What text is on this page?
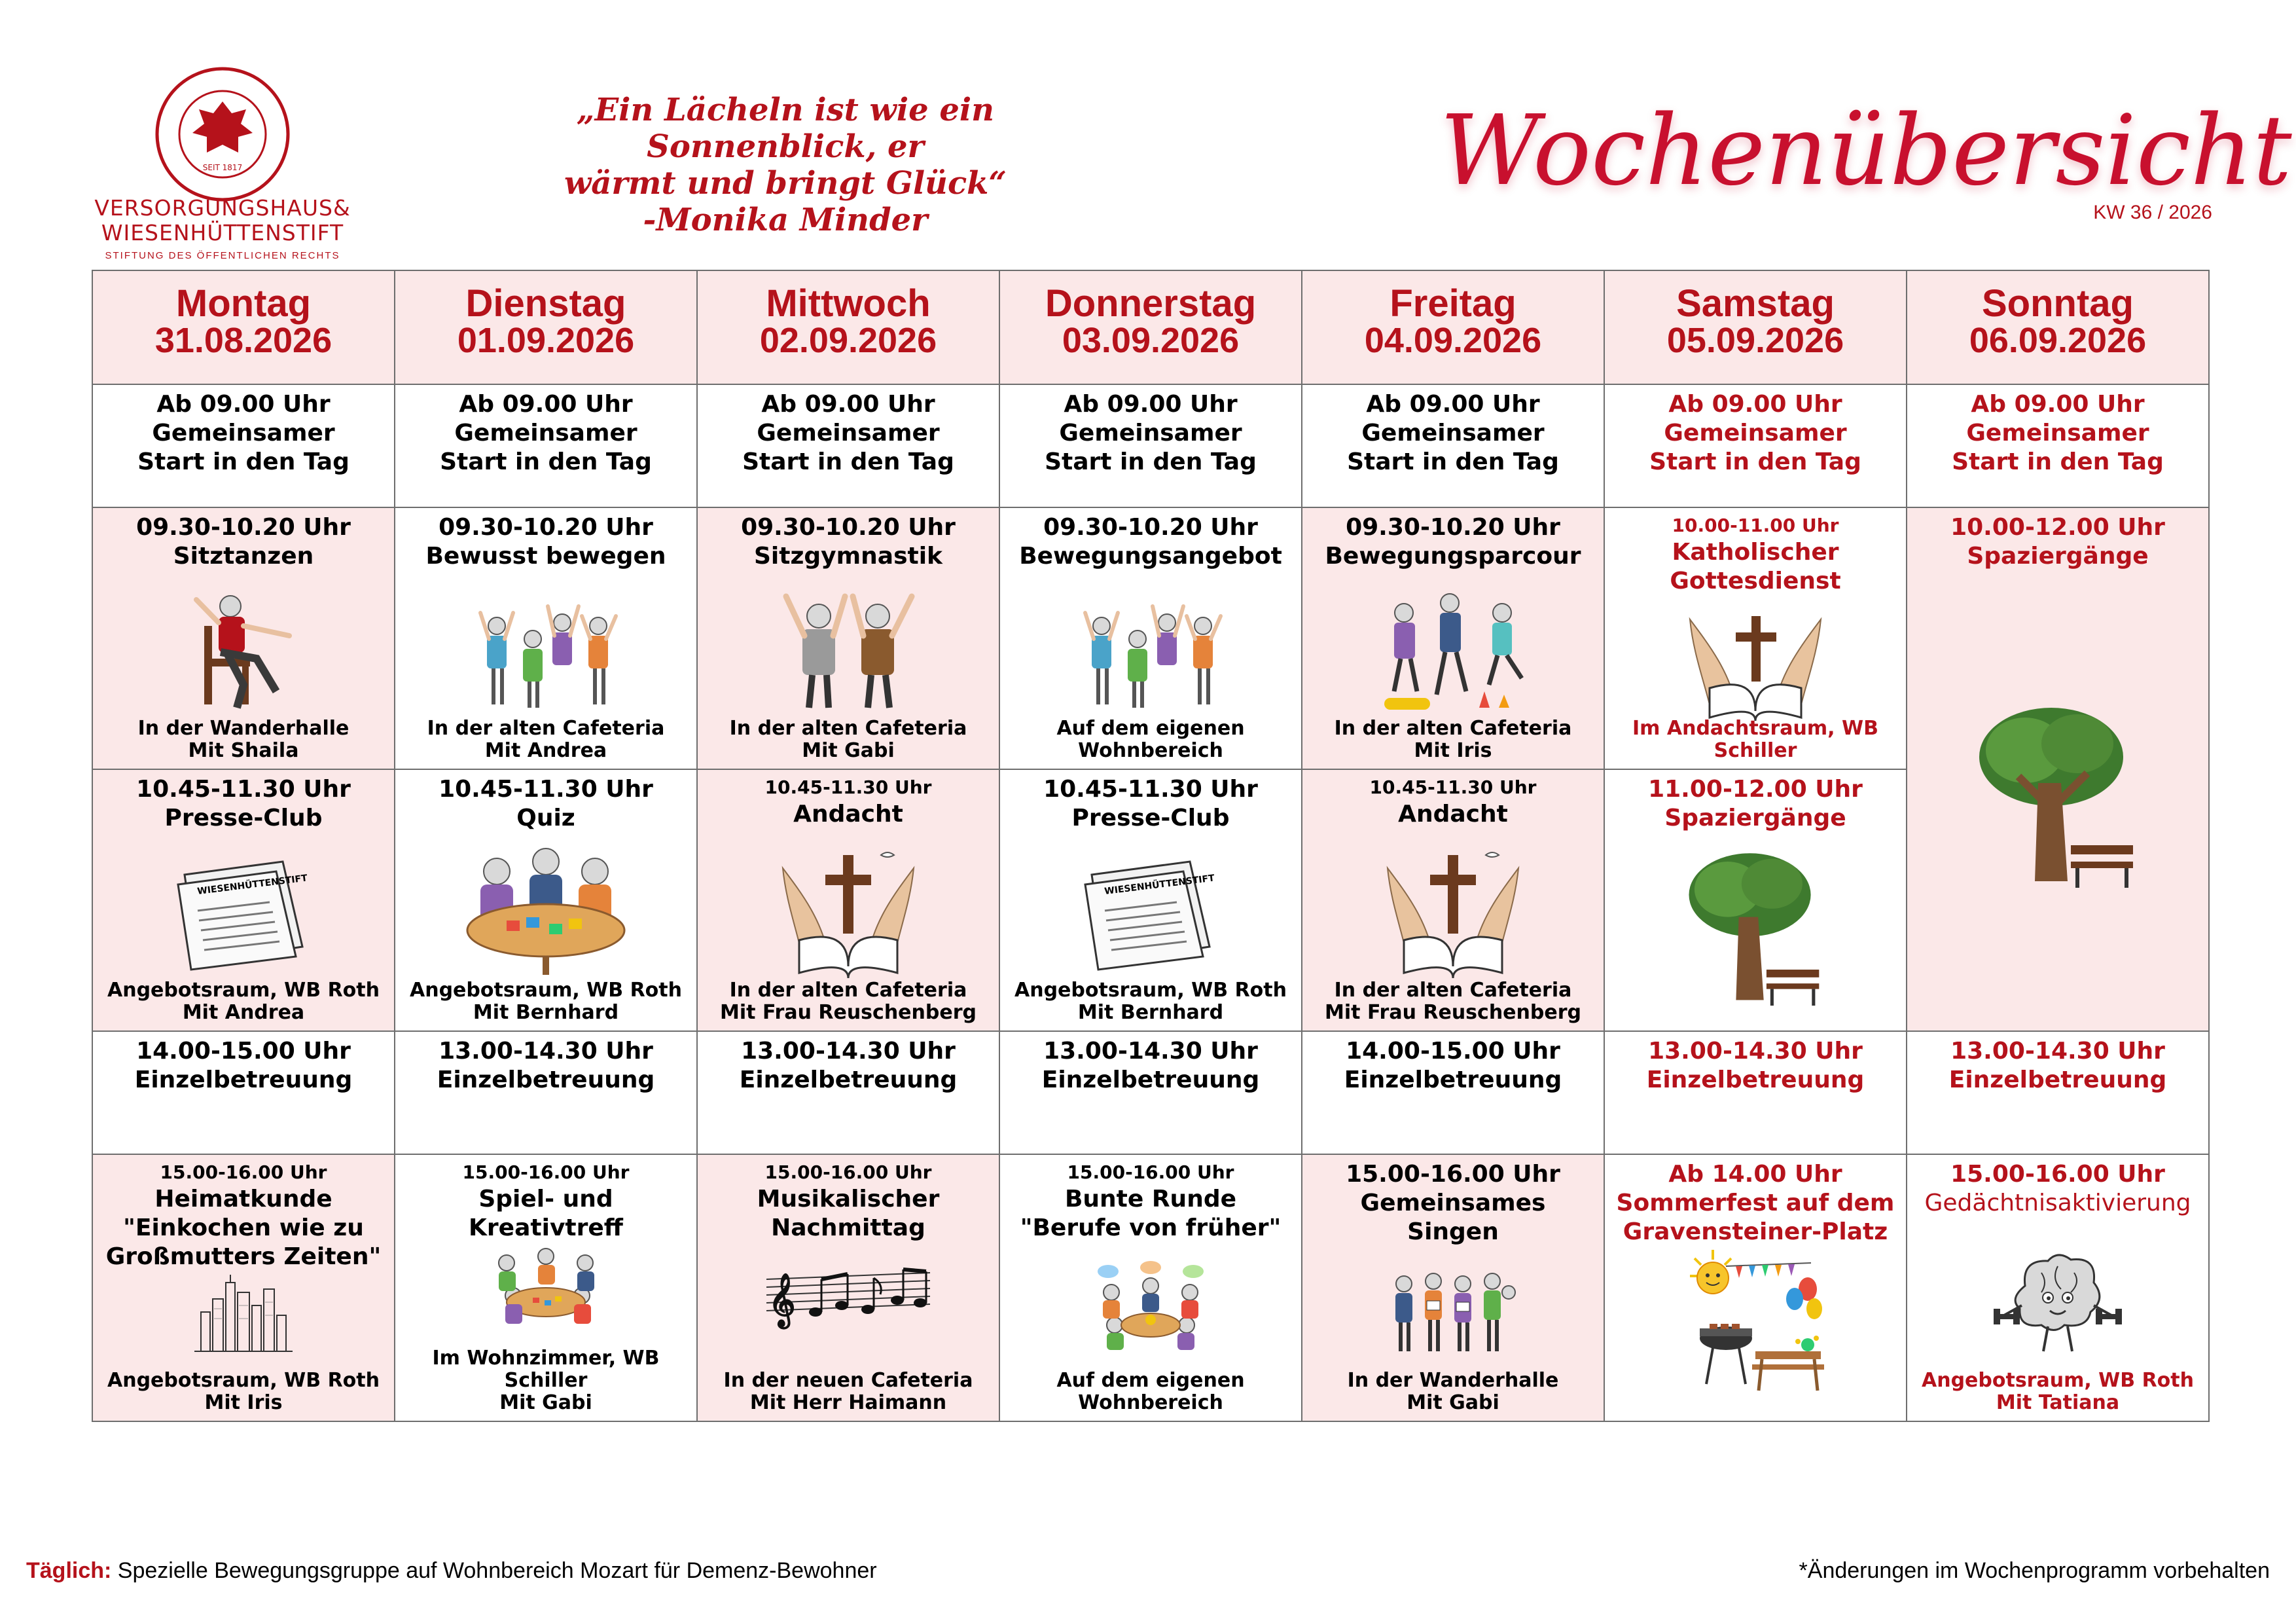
SEIT 1817
VERSORGUNGSHAUS&
WIESENHÜTTENSTIFT
STIFTUNG DES ÖFFENTLICHEN RECHTS
„Ein Lächeln ist wie ein
Sonnenblick, er
wärmt und bringt Glück“
-Monika Minder
Wochenübersicht
KW 36 / 2026
Montag
31.08.2026
Dienstag
01.09.2026
Mittwoch
02.09.2026
Donnerstag
03.09.2026
Freitag
04.09.2026
Samstag
05.09.2026
Sonntag
06.09.2026
Ab 09.00 Uhr
Gemeinsamer
Start in den Tag
Ab 09.00 Uhr
Gemeinsamer
Start in den Tag
Ab 09.00 Uhr
Gemeinsamer
Start in den Tag
Ab 09.00 Uhr
Gemeinsamer
Start in den Tag
Ab 09.00 Uhr
Gemeinsamer
Start in den Tag
Ab 09.00 Uhr
Gemeinsamer
Start in den Tag
Ab 09.00 Uhr
Gemeinsamer
Start in den Tag
09.30-10.20 Uhr
Sitztanzen
In der Wanderhalle
Mit Shaila
09.30-10.20 Uhr
Bewusst bewegen
In der alten Cafeteria
Mit Andrea
09.30-10.20 Uhr
Sitzgymnastik
In der alten Cafeteria
Mit Gabi
09.30-10.20 Uhr
Bewegungsangebot
Auf dem eigenen
Wohnbereich
09.30-10.20 Uhr
Bewegungsparcour
In der alten Cafeteria
Mit Iris
10.00-11.00 Uhr
Katholischer
Gottesdienst
Im Andachtsraum, WB
Schiller
10.00-12.00 Uhr
Spaziergänge
10.45-11.30 Uhr
Presse-Club
WIESENHÜTTENSTIFT
Angebotsraum, WB Roth
Mit Andrea
10.45-11.30 Uhr
Quiz
Angebotsraum, WB Roth
Mit Bernhard
10.45-11.30 Uhr
Andacht
In der alten Cafeteria
Mit Frau Reuschenberg
10.45-11.30 Uhr
Presse-Club
WIESENHÜTTENSTIFT
Angebotsraum, WB Roth
Mit Bernhard
10.45-11.30 Uhr
Andacht
In der alten Cafeteria
Mit Frau Reuschenberg
11.00-12.00 Uhr
Spaziergänge
14.00-15.00 Uhr
Einzelbetreuung
13.00-14.30 Uhr
Einzelbetreuung
13.00-14.30 Uhr
Einzelbetreuung
13.00-14.30 Uhr
Einzelbetreuung
14.00-15.00 Uhr
Einzelbetreuung
13.00-14.30 Uhr
Einzelbetreuung
13.00-14.30 Uhr
Einzelbetreuung
15.00-16.00 Uhr
Heimatkunde
"Einkochen wie zu
Großmutters Zeiten"
Angebotsraum, WB Roth
Mit Iris
15.00-16.00 Uhr
Spiel- und
Kreativtreff
Im Wohnzimmer, WB
Schiller
Mit Gabi
15.00-16.00 Uhr
Musikalischer
Nachmittag
𝄞
In der neuen Cafeteria
Mit Herr Haimann
15.00-16.00 Uhr
Bunte Runde
"Berufe von früher"
Auf dem eigenen
Wohnbereich
15.00-16.00 Uhr
Gemeinsames
Singen
In der Wanderhalle
Mit Gabi
Ab 14.00 Uhr
Sommerfest auf dem
Gravensteiner-Platz
15.00-16.00 Uhr
Gedächtnisaktivierung
Angebotsraum, WB Roth
Mit Tatiana
Täglich: Spezielle Bewegungsgruppe auf Wohnbereich Mozart für Demenz-Bewohner	*Änderungen im Wochenprogramm vorbehalten
